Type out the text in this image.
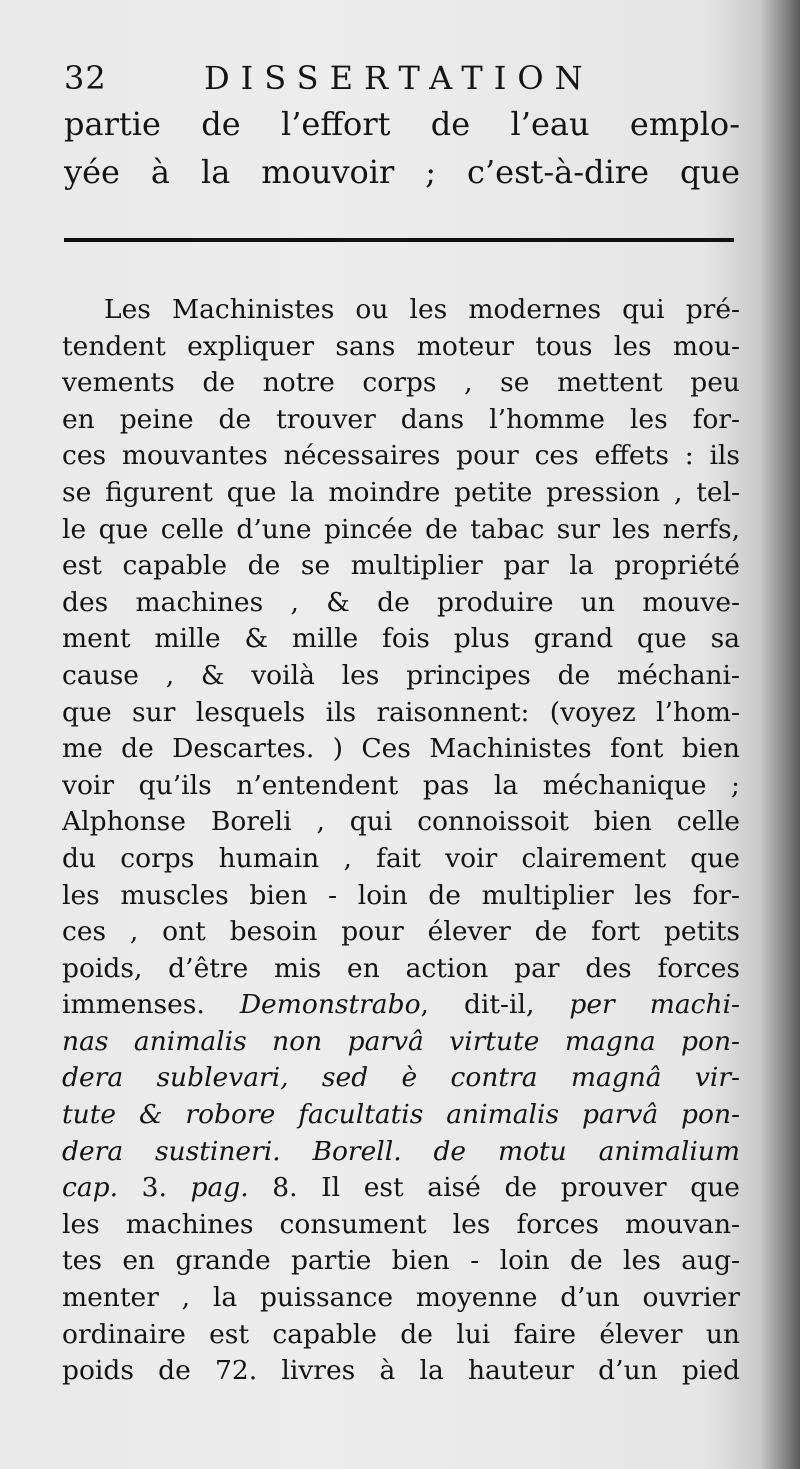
32	DISSERTATION
partie de l’effort de l’eau emplo-
yée à la mouvoir ; c’est-à-dire que
Les Machinistes ou les modernes qui pré-
tendent expliquer sans moteur tous les mou-
vements de notre corps , se mettent peu
en peine de trouver dans l’homme les for-
ces mouvantes nécessaires pour ces effets : ils
se figurent que la moindre petite pression , tel-
le que celle d’une pincée de tabac sur les nerfs,
est capable de se multiplier par la propriété
des machines , & de produire un mouve-
ment mille & mille fois plus grand que sa
cause , & voilà les principes de méchani-
que sur lesquels ils raisonnent: (voyez l’hom-
me de Descartes. ) Ces Machinistes font bien
voir qu’ils n’entendent pas la méchanique ;
Alphonse Boreli , qui connoissoit bien celle
du corps humain , fait voir clairement que
les muscles bien - loin de multiplier les for-
ces , ont besoin pour élever de fort petits
poids, d’être mis en action par des forces
immenses. Demonstrabo, dit-il, per machi-
nas animalis non parvâ virtute magna pon-
dera sublevari, sed è contra magnâ vir-
tute & robore facultatis animalis parvâ pon-
dera sustineri. Borell. de motu animalium
cap. 3. pag. 8. Il est aisé de prouver que
les machines consument les forces mouvan-
tes en grande partie bien - loin de les aug-
menter , la puissance moyenne d’un ouvrier
ordinaire est capable de lui faire élever un
poids de 72. livres à la hauteur d’un pied
